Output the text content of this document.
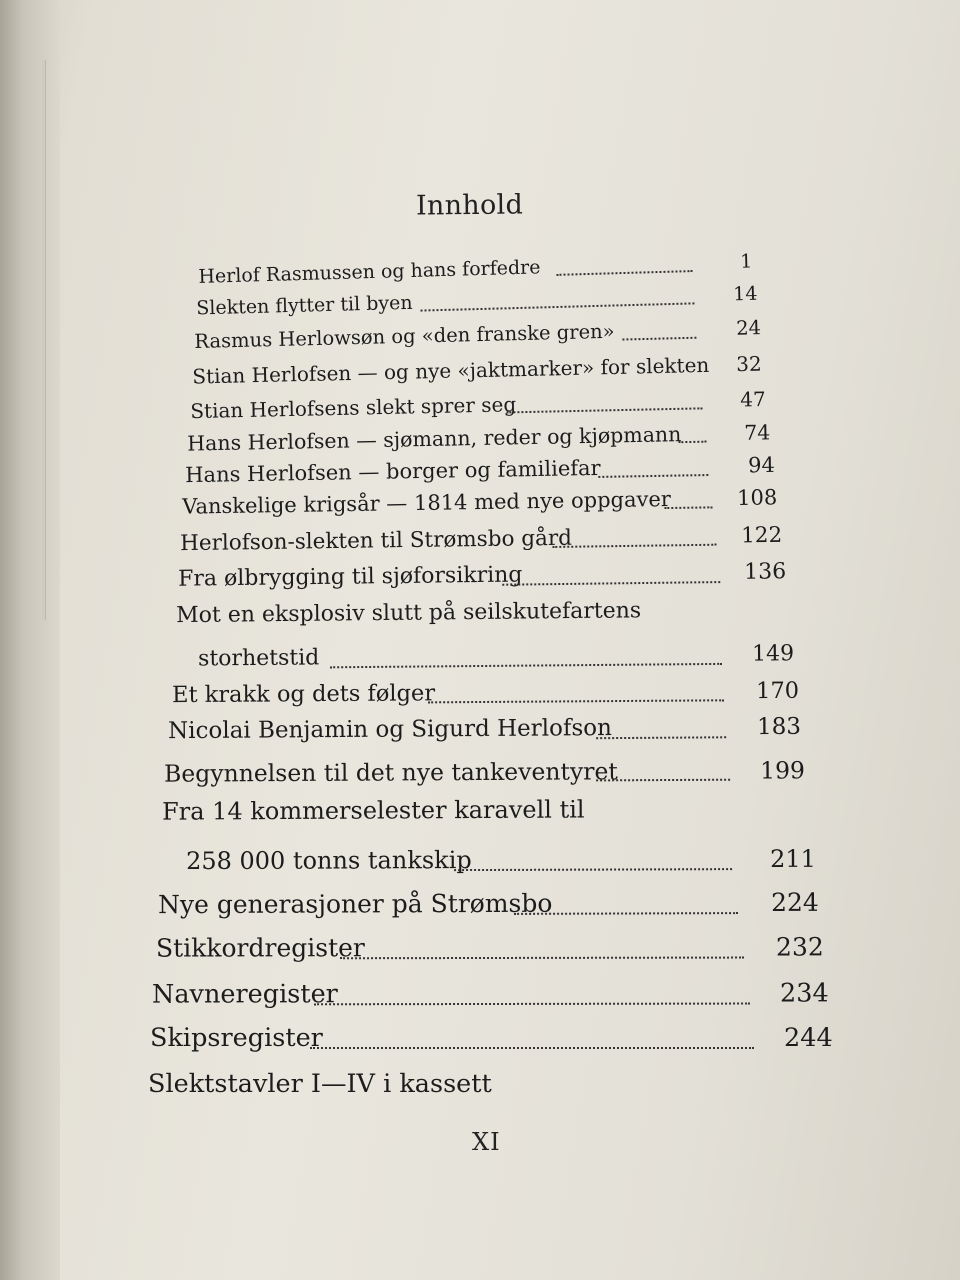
Innhold
Herlof Rasmussen og hans forfedre	1
Slekten flytter til byen	14
Rasmus Herlowsøn og «den franske gren»	24
Stian Herlofsen — og nye «jaktmarker» for slekten 32
Stian Herlofsens slekt sprer seg	47
Hans Herlofsen — sjømann, reder og kjøpmann	74
Hans Herlofsen — borger og familiefar	94
Vanskelige krigsår — 1814 med nye oppgaver	108
Herlofson-slekten til Strømsbo gård	122
Fra ølbrygging til sjøforsikring	136
Mot en eksplosiv slutt på seilskutefartens
storhetstid	149
Et krakk og dets følger	170
Nicolai Benjamin og Sigurd Herlofson	183
Begynnelsen til det nye tankeventyret	199
Fra 14 kommerselester karavell til
258 000 tonns tankskip	211
Nye generasjoner på Strømsbo	224
Stikkordregister	232
Navneregister	234
Skipsregister	244
Slektstavler I—IV i kassett
XI
